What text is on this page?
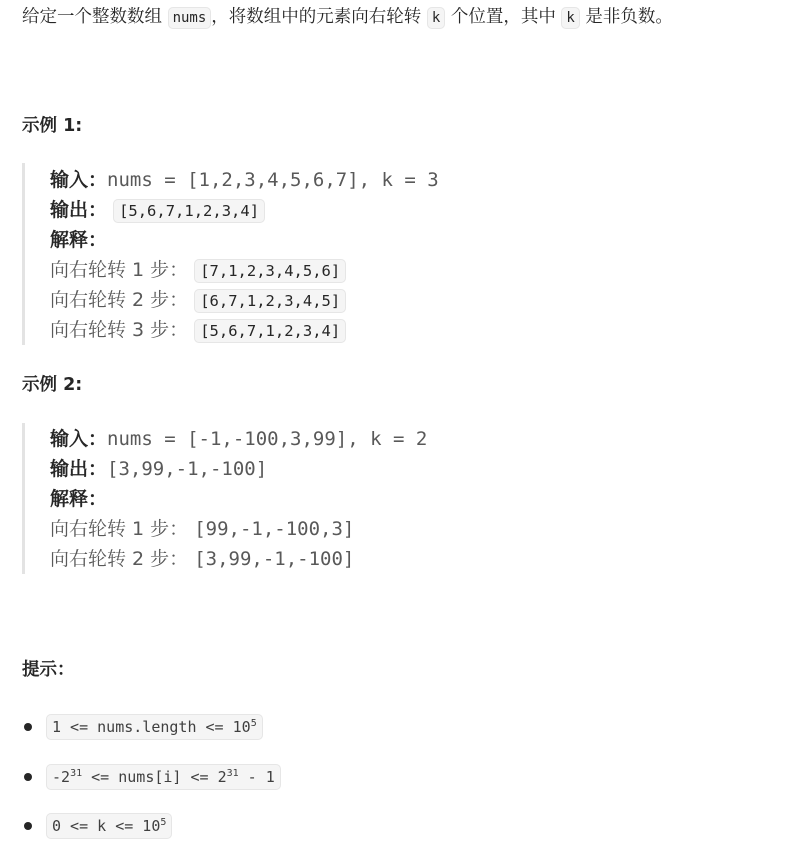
给定一个整数数组 nums ，将数组中的元素向右轮转 k 个位置，其中 k 是非负数。
示例 1:
输入：nums = [1,2,3,4,5,6,7], k = 3
输出： [5,6,7,1,2,3,4]
解释：
向右轮转 1 步： [7,1,2,3,4,5,6]
向右轮转 2 步： [6,7,1,2,3,4,5]
向右轮转 3 步： [5,6,7,1,2,3,4]
示例 2:
输入：nums = [-1,-100,3,99], k = 2
输出：[3,99,-1,-100]
解释：
向右轮转 1 步： [99,-1,-100,3]
向右轮转 2 步： [3,99,-1,-100]
提示：
1 <= nums.length <= $10^5$
$-2^{31}$ <= nums[i] <= $2^{31} - 1$
$0 <= k <= 10^5$
